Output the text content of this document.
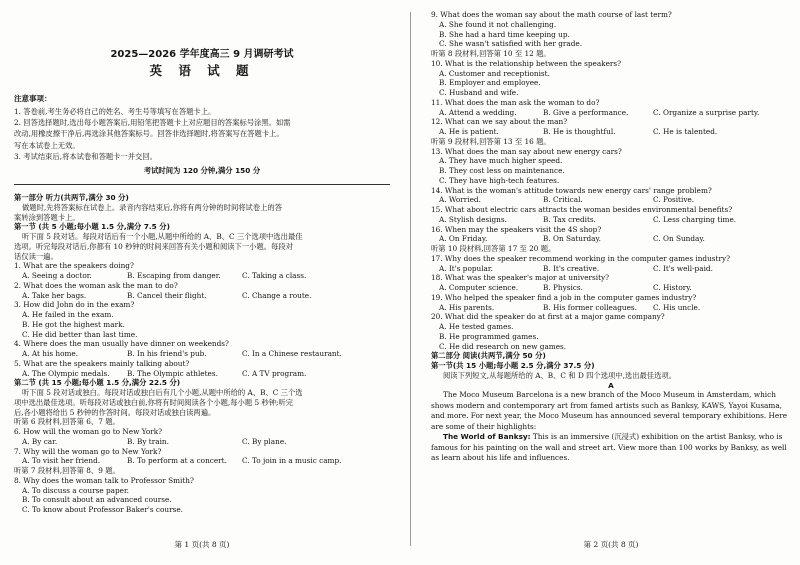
2025—2026 学年度高三 9 月调研考试
英 语 试 题
注意事项：
1. 答卷前,考生务必将自己的姓名、考生号等填写在答题卡上。
2. 回答选择题时,选出每小题答案后,用铅笔把答题卡上对应题目的答案标号涂黑。如需
改动,用橡皮擦干净后,再选涂其他答案标号。回答非选择题时,将答案写在答题卡上。
写在本试卷上无效。
3. 考试结束后,将本试卷和答题卡一并交回。
考试时间为 120 分钟,满分 150 分
第一部分 听力(共两节,满分 30 分)
做题时,先将答案标在试卷上。录音内容结束后,你将有两分钟的时间将试卷上的答
案转涂到答题卡上。
第一节 (共 5 小题;每小题 1.5 分,满分 7.5 分)
听下面 5 段对话。每段对话后有一个小题,从题中所给的 A、B、C 三个选项中选出最佳
选项。听完每段对话后,你都有 10 秒钟的时间来回答有关小题和阅读下一小题。每段对
话仅读一遍。
1. What are the speakers doing?
A. Seeing a doctor.	B. Escaping from danger.	C. Taking a class.
2. What does the woman ask the man to do?
A. Take her bags.	B. Cancel their flight.	C. Change a route.
3. How did John do in the exam?
A. He failed in the exam.
B. He got the highest mark.
C. He did better than last time.
4. Where does the man usually have dinner on weekends?
A. At his home.	B. In his friend's pub.	C. In a Chinese restaurant.
5. What are the speakers mainly talking about?
A. The Olympic medals.	B. The Olympic athletes.	C. A TV program.
第二节 (共 15 小题;每小题 1.5 分,满分 22.5 分)
听下面 5 段对话或独白。每段对话或独白后有几个小题,从题中所给的 A、B、C 三个选
项中选出最佳选项。听每段对话或独白前,你将有时间阅读各个小题,每小题 5 秒钟;听完
后,各小题将给出 5 秒钟的作答时间。每段对话或独白读两遍。
听第 6 段材料,回答第 6、7 题。
6. How will the woman go to New York?
A. By car.	B. By train.	C. By plane.
7. Why will the woman go to New York?
A. To visit her friend.	B. To perform at a concert.	C. To join in a music camp.
听第 7 段材料,回答第 8、9 题。
8. Why does the woman talk to Professor Smith?
A. To discuss a course paper.
B. To consult about an advanced course.
C. To know about Professor Baker's course.
9. What does the woman say about the math course of last term?
A. She found it not challenging.
B. She had a hard time keeping up.
C. She wasn't satisfied with her grade.
听第 8 段材料,回答第 10 至 12 题。
10. What is the relationship between the speakers?
A. Customer and receptionist.
B. Employer and employee.
C. Husband and wife.
11. What does the man ask the woman to do?
A. Attend a wedding.	B. Give a performance.	C. Organize a surprise party.
12. What can we say about the man?
A. He is patient.	B. He is thoughtful.	C. He is talented.
听第 9 段材料,回答第 13 至 16 题。
13. What does the man say about new energy cars?
A. They have much higher speed.
B. They cost less on maintenance.
C. They have high-tech features.
14. What is the woman's attitude towards new energy cars' range problem?
A. Worried.	B. Critical.	C. Positive.
15. What about electric cars attracts the woman besides environmental benefits?
A. Stylish designs.	B. Tax credits.	C. Less charging time.
16. When may the speakers visit the 4S shop?
A. On Friday.	B. On Saturday.	C. On Sunday.
听第 10 段材料,回答第 17 至 20 题。
17. Why does the speaker recommend working in the computer games industry?
A. It's popular.	B. It's creative.	C. It's well-paid.
18. What was the speaker's major at university?
A. Computer science.	B. Physics.	C. History.
19. Who helped the speaker find a job in the computer games industry?
A. His parents.	B. His former colleagues.	C. His uncle.
20. What did the speaker do at first at a major game company?
A. He tested games.
B. He programmed games.
C. He did research on new games.
第二部分 阅读(共两节,满分 50 分)
第一节(共 15 小题;每小题 2.5 分,满分 37.5 分)
阅读下列短文,从每题所给的 A、B、C 和 D 四个选项中,选出最佳选项。
A
The Moco Museum Barcelona is a new branch of the Moco Museum in Amsterdam, which shows modern and contemporary art from famed artists such as Banksy, KAWS, Yayoi Kusama, and more. For next year, the Moco Museum has announced several temporary exhibitions. Here are some of their highlights:
The World of Banksy: This is an immersive (沉浸式) exhibition on the artist Banksy, who is famous for his painting on the wall and street art. View more than 100 works by Banksy, as well as learn about his life and influences.
第 1 页(共 8 页)	第 2 页(共 8 页)
